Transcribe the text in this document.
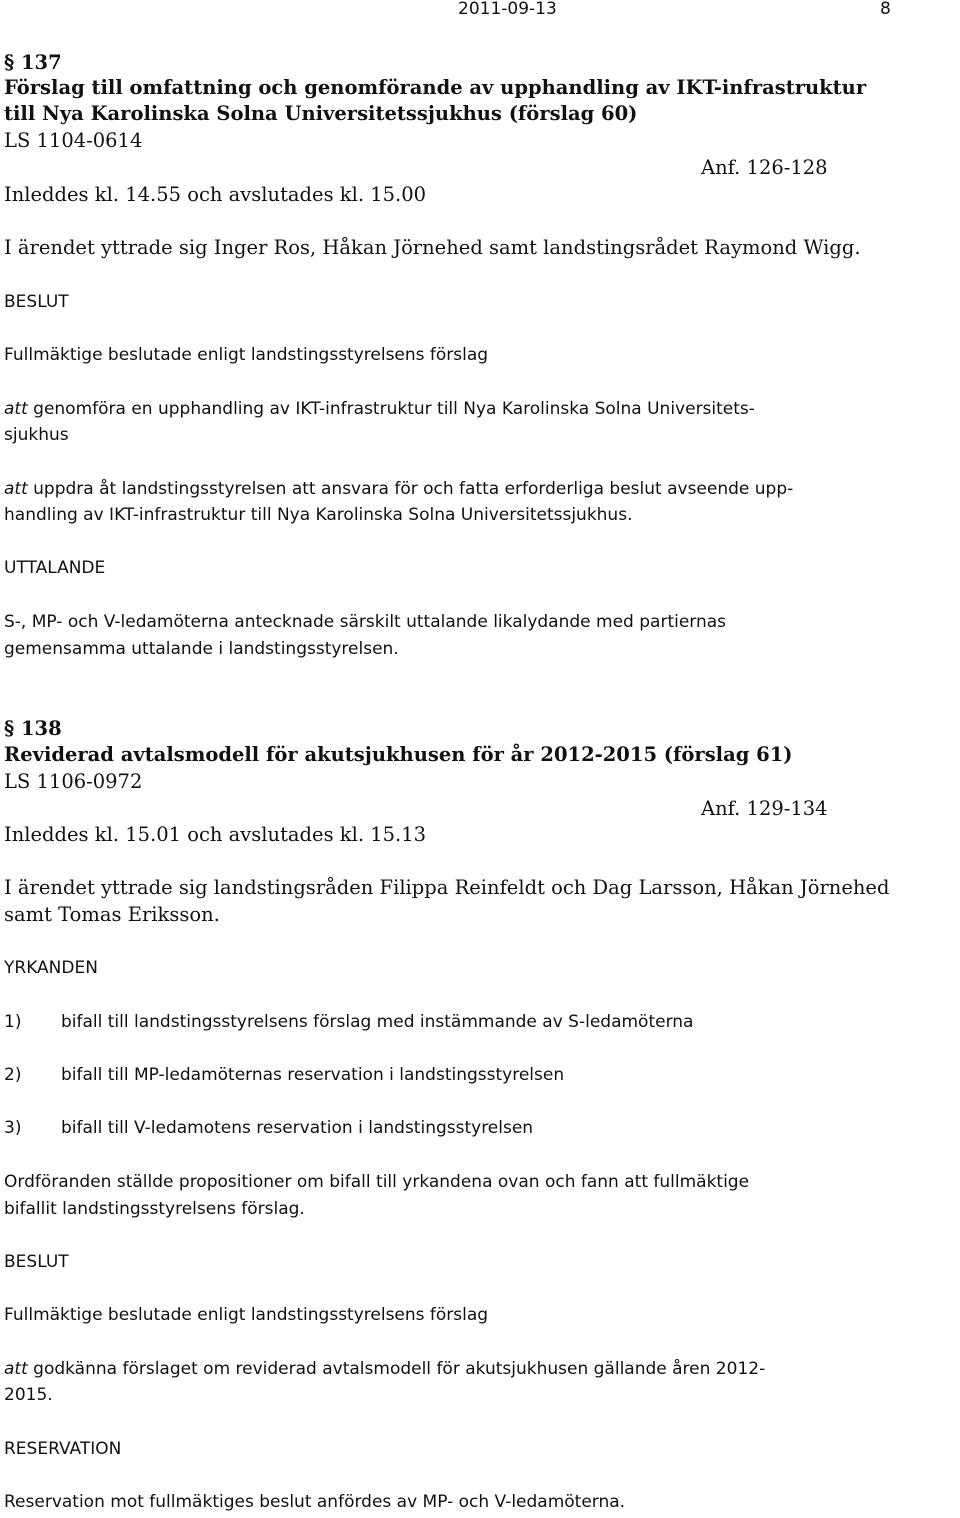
2011-09-13	8
§ 137
Förslag till omfattning och genomförande av upphandling av IKT-infrastruktur
till Nya Karolinska Solna Universitetssjukhus (förslag 60)
LS 1104-0614
Anf. 126-128
Inleddes kl. 14.55 och avslutades kl. 15.00
I ärendet yttrade sig Inger Ros, Håkan Jörnehed samt landstingsrådet Raymond Wigg.
BESLUT
Fullmäktige beslutade enligt landstingsstyrelsens förslag
att genomföra en upphandling av IKT-infrastruktur till Nya Karolinska Solna Universitets-
sjukhus
att uppdra åt landstingsstyrelsen att ansvara för och fatta erforderliga beslut avseende upp-
handling av IKT-infrastruktur till Nya Karolinska Solna Universitetssjukhus.
UTTALANDE
S-, MP- och V-ledamöterna antecknade särskilt uttalande likalydande med partiernas
gemensamma uttalande i landstingsstyrelsen.
§ 138
Reviderad avtalsmodell för akutsjukhusen för år 2012-2015 (förslag 61)
LS 1106-0972
Anf. 129-134
Inleddes kl. 15.01 och avslutades kl. 15.13
I ärendet yttrade sig landstingsråden Filippa Reinfeldt och Dag Larsson, Håkan Jörnehed
samt Tomas Eriksson.
YRKANDEN
1) bifall till landstingsstyrelsens förslag med instämmande av S-ledamöterna
2) bifall till MP-ledamöternas reservation i landstingsstyrelsen
3) bifall till V-ledamotens reservation i landstingsstyrelsen
Ordföranden ställde propositioner om bifall till yrkandena ovan och fann att fullmäktige
bifallit landstingsstyrelsens förslag.
BESLUT
Fullmäktige beslutade enligt landstingsstyrelsens förslag
att godkänna förslaget om reviderad avtalsmodell för akutsjukhusen gällande åren 2012-
2015.
RESERVATION
Reservation mot fullmäktiges beslut anfördes av MP- och V-ledamöterna.
